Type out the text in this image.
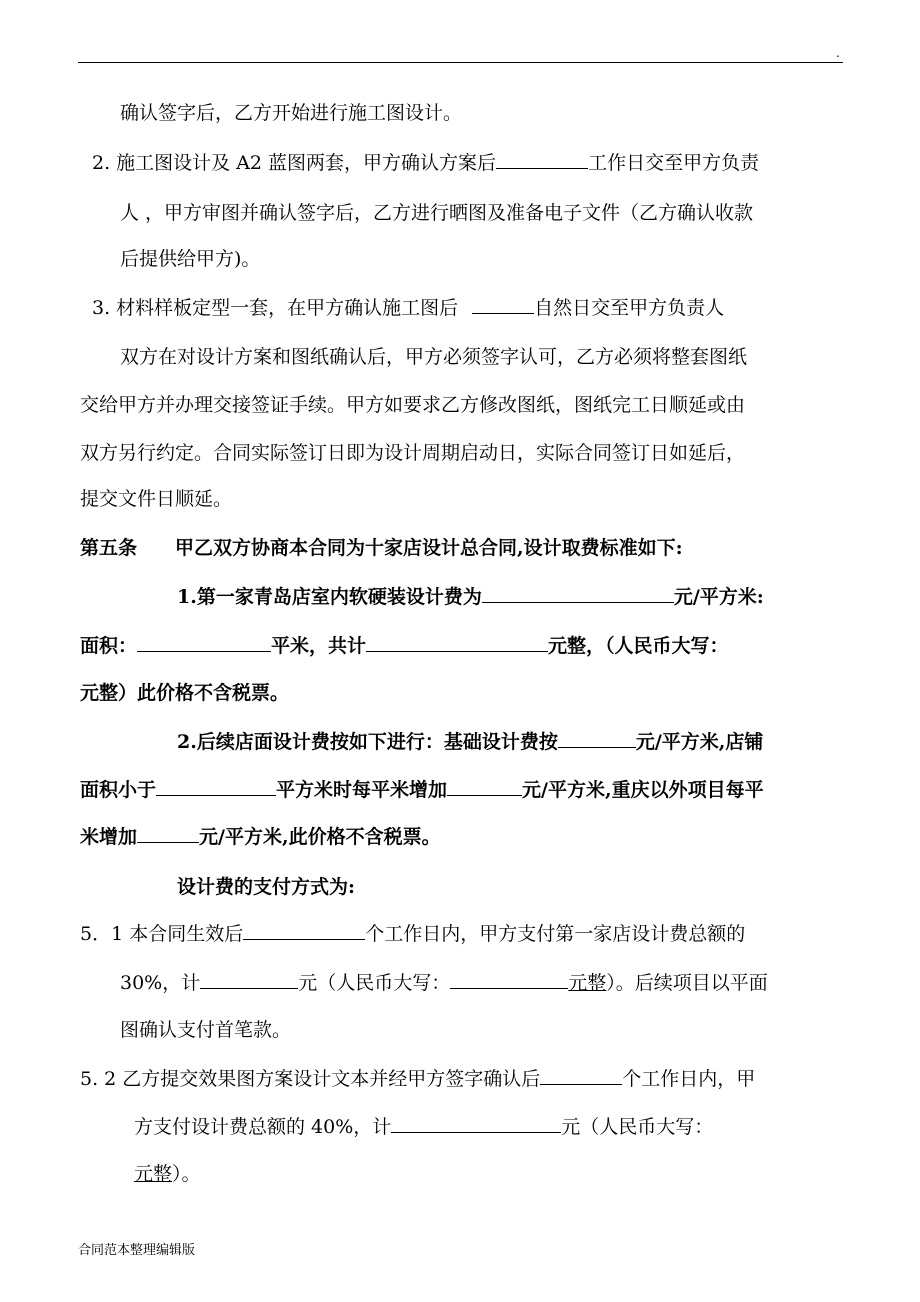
.
确认签字后，乙方开始进行施工图设计。
2. 施工图设计及 A2 蓝图两套，甲方确认方案后	工作日交至甲方负责
人 ，甲方审图并确认签字后，乙方进行晒图及准备电子文件（乙方确认收款
后提供给甲方)。
3. 材料样板定型一套，在甲方确认施工图后	自然日交至甲方负责人
双方在对设计方案和图纸确认后，甲方必须签字认可，乙方必须将整套图纸
交给甲方并办理交接签证手续。甲方如要求乙方修改图纸，图纸完工日顺延或由
双方另行约定。合同实际签订日即为设计周期启动日，实际合同签订日如延后，
提交文件日顺延。
第五条 甲乙双方协商本合同为十家店设计总合同,设计取费标准如下:
1.第一家青岛店室内软硬装设计费为	元/平方米:
面积：	平米，共计	元整，（人民币大写：
元整）此价格不含税票。
2.后续店面设计费按如下进行：基础设计费按	元/平方米,店铺
面积小于	平方米时每平米增加	元/平方米,重庆以外项目每平
米增加	元/平方米,此价格不含税票。
设计费的支付方式为:
5．1 本合同生效后	个工作日内，甲方支付第一家店设计费总额的
30%，计	元（人民币大写：	元整）。后续项目以平面
图确认支付首笔款。
5. 2 乙方提交效果图方案设计文本并经甲方签字确认后	个工作日内，甲
方支付设计费总额的 40%，计	元（人民币大写：
元整）。
合同范本整理编辑版
